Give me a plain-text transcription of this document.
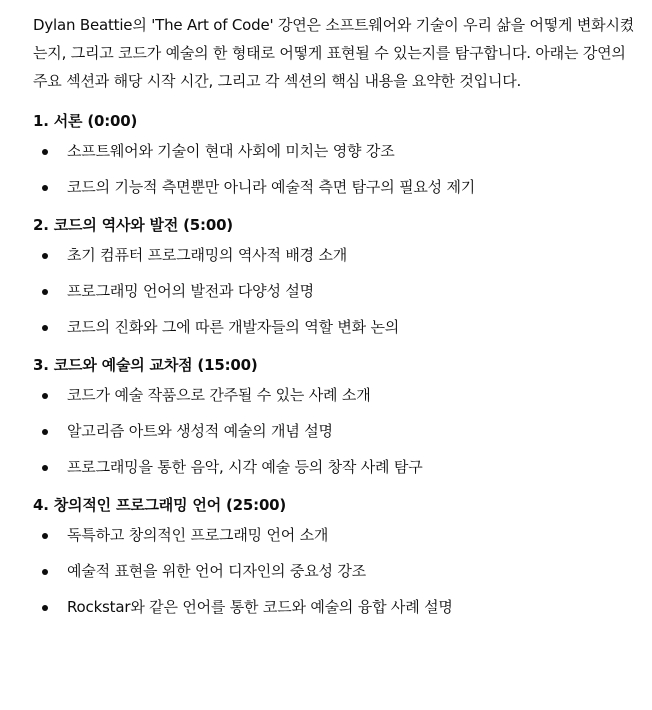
Dylan Beattie의 'The Art of Code' 강연은 소프트웨어와 기술이 우리 삶을 어떻게 변화시켰는지, 그리고 코드가 예술의 한 형태로 어떻게 표현될 수 있는지를 탐구합니다. 아래는 강연의 주요 섹션과 해당 시작 시간, 그리고 각 섹션의 핵심 내용을 요약한 것입니다.

1. 서론 (0:00)
소프트웨어와 기술이 현대 사회에 미치는 영향 강조
코드의 기능적 측면뿐만 아니라 예술적 측면 탐구의 필요성 제기
2. 코드의 역사와 발전 (5:00)
초기 컴퓨터 프로그래밍의 역사적 배경 소개
프로그래밍 언어의 발전과 다양성 설명
코드의 진화와 그에 따른 개발자들의 역할 변화 논의
3. 코드와 예술의 교차점 (15:00)
코드가 예술 작품으로 간주될 수 있는 사례 소개
알고리즘 아트와 생성적 예술의 개념 설명
프로그래밍을 통한 음악, 시각 예술 등의 창작 사례 탐구
4. 창의적인 프로그래밍 언어 (25:00)
독특하고 창의적인 프로그래밍 언어 소개
예술적 표현을 위한 언어 디자인의 중요성 강조
Rockstar와 같은 언어를 통한 코드와 예술의 융합 사례 설명
